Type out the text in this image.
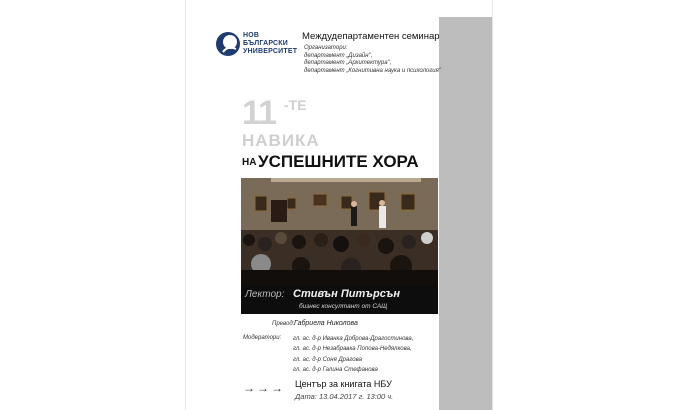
НОВ
БЪЛГАРСКИ
УНИВЕРСИТЕТ
Междудепартаментен семинар
Организатори:
департамент „Дизайн",
департамент „Архитектура",
департамент „Когнитивна наука и психология"
11 -ТЕ
НАВИКА
НА УСПЕШНИТЕ ХОРА
Лектор: Стивън Питърсън
бизнес консултант от САЩ
Превод: Габриела Николова
Модератори: гл. ас. д-р Иванка Доброва-Драгостинова,
гл. ас. д-р Незабравка Попова-Недялкова,
гл. ас. д-р Соня Драгова
гл. ас. д-р Галина Стефанова
→→→ Център за книгата НБУ
Дата: 13.04.2017 г. 13:00 ч.
